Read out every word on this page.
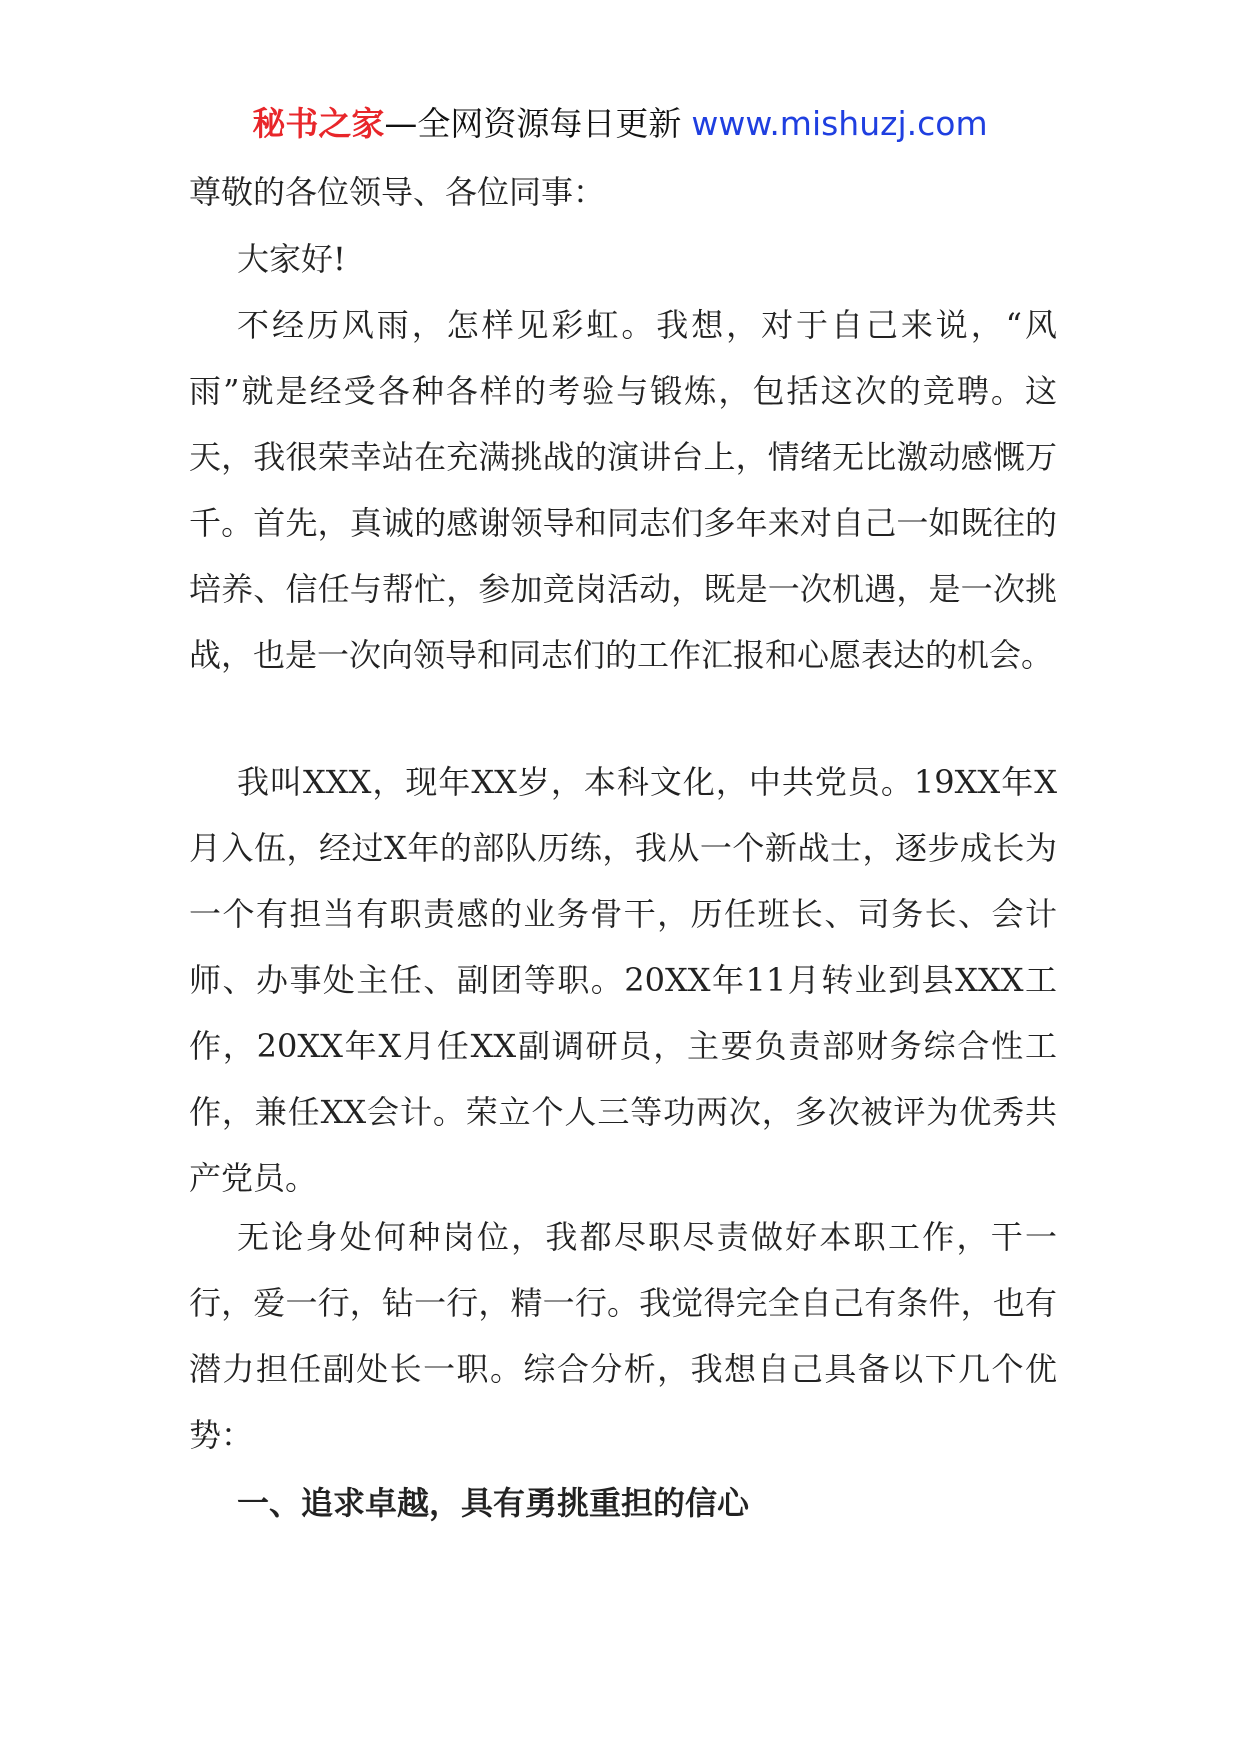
秘书之家—全网资源每日更新 www.mishuzj.com

尊敬的各位领导、各位同事：

大家好!

不经历风雨，怎样见彩虹。我想，对于自己来说，“风雨”就是经受各种各样的考验与锻炼，包括这次的竞聘。这天，我很荣幸站在充满挑战的演讲台上，情绪无比激动感慨万千。首先，真诚的感谢领导和同志们多年来对自己一如既往的培养、信任与帮忙，参加竞岗活动，既是一次机遇，是一次挑战，也是一次向领导和同志们的工作汇报和心愿表达的机会。

我叫XXX，现年XX岁，本科文化，中共党员。19XX年X月入伍，经过X年的部队历练，我从一个新战士，逐步成长为一个有担当有职责感的业务骨干，历任班长、司务长、会计师、办事处主任、副团等职。20XX年11月转业到县XXX工作，20XX年X月任XX副调研员，主要负责部财务综合性工作，兼任XX会计。荣立个人三等功两次，多次被评为优秀共产党员。

无论身处何种岗位，我都尽职尽责做好本职工作，干一行，爱一行，钻一行，精一行。我觉得完全自己有条件，也有潜力担任副处长一职。综合分析，我想自己具备以下几个优势：

一、追求卓越，具有勇挑重担的信心
